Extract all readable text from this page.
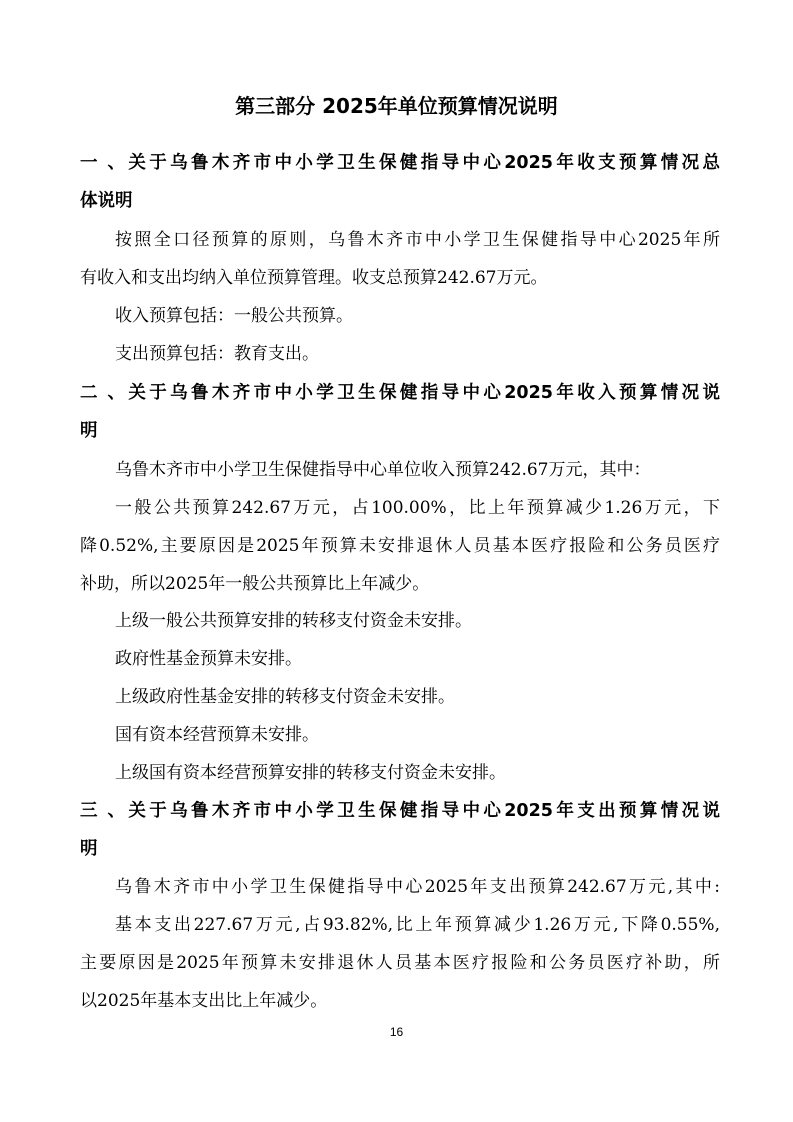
第三部分 2025年单位预算情况说明

一、关于乌鲁木齐市中小学卫生保健指导中心2025年收支预算情况总

体说明

按照全口径预算的原则，乌鲁木齐市中小学卫生保健指导中心2025年所

有收入和支出均纳入单位预算管理。收支总预算242.67万元。

收入预算包括：一般公共预算。

支出预算包括：教育支出。

二、关于乌鲁木齐市中小学卫生保健指导中心2025年收入预算情况说

明

乌鲁木齐市中小学卫生保健指导中心单位收入预算242.67万元，其中：

一般公共预算242.67万元，占100.00%，比上年预算减少1.26万元，下

降0.52%,主要原因是2025年预算未安排退休人员基本医疗报险和公务员医疗

补助，所以2025年一般公共预算比上年减少。

上级一般公共预算安排的转移支付资金未安排。

政府性基金预算未安排。

上级政府性基金安排的转移支付资金未安排。

国有资本经营预算未安排。

上级国有资本经营预算安排的转移支付资金未安排。

三、关于乌鲁木齐市中小学卫生保健指导中心2025年支出预算情况说

明

乌鲁木齐市中小学卫生保健指导中心2025年支出预算242.67万元,其中:

基本支出227.67万元,占93.82%,比上年预算减少1.26万元,下降0.55%,

主要原因是2025年预算未安排退休人员基本医疗报险和公务员医疗补助，所

以2025年基本支出比上年减少。

16
